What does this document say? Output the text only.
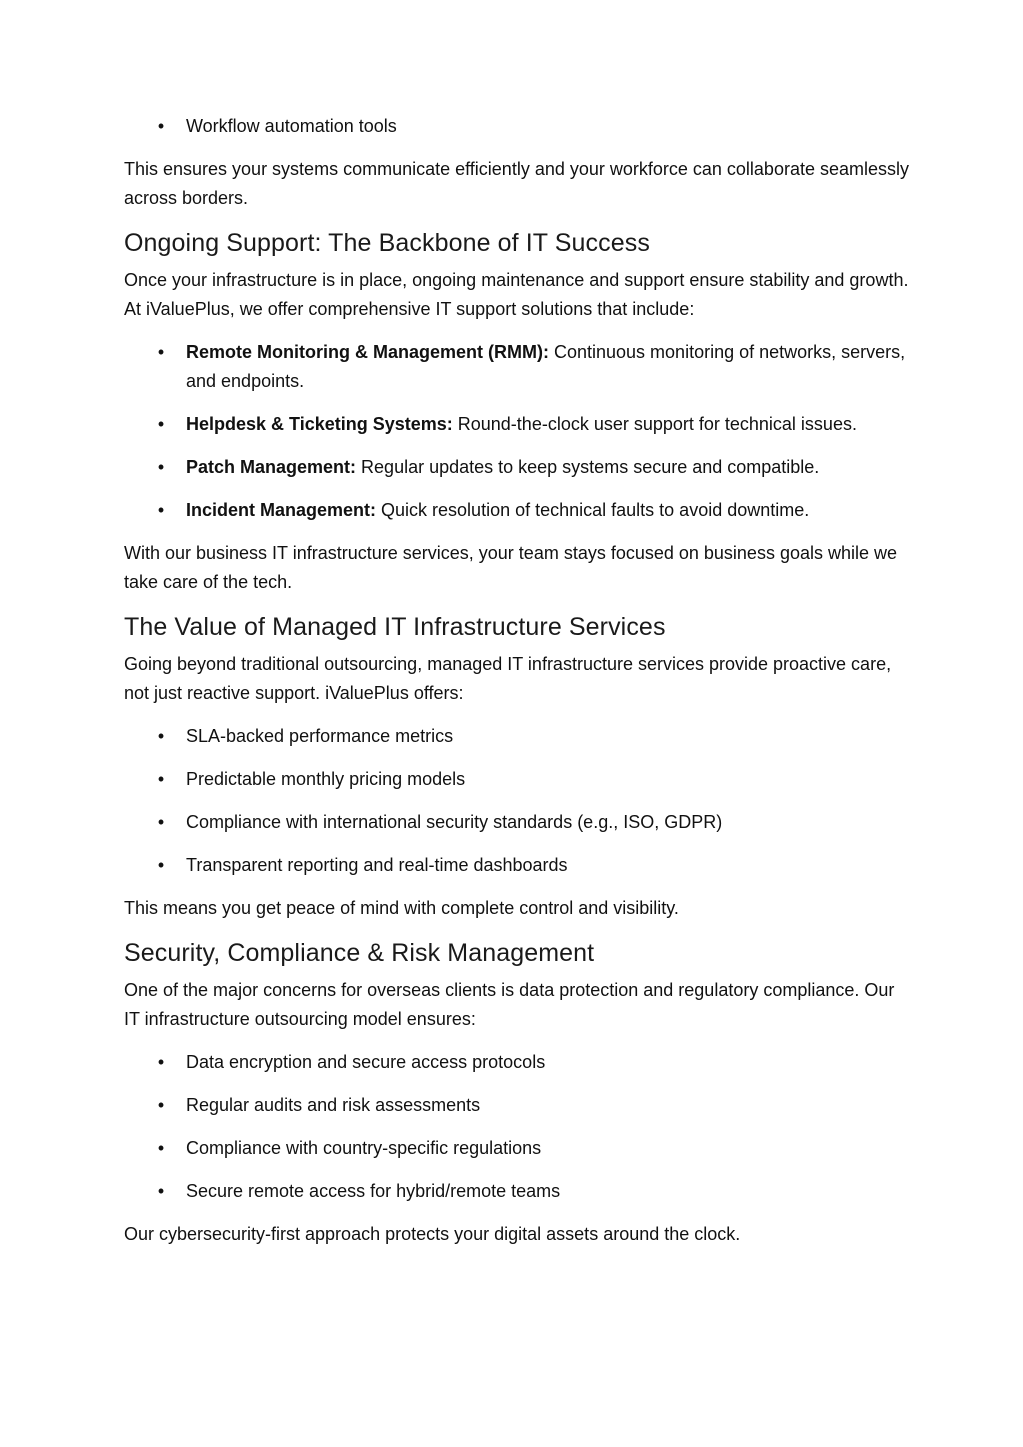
• Workflow automation tools

This ensures your systems communicate efficiently and your workforce can collaborate seamlessly across borders.

Ongoing Support: The Backbone of IT Success

Once your infrastructure is in place, ongoing maintenance and support ensure stability and growth. At iValuePlus, we offer comprehensive IT support solutions that include:

• Remote Monitoring & Management (RMM): Continuous monitoring of networks, servers, and endpoints.
• Helpdesk & Ticketing Systems: Round-the-clock user support for technical issues.
• Patch Management: Regular updates to keep systems secure and compatible.
• Incident Management: Quick resolution of technical faults to avoid downtime.

With our business IT infrastructure services, your team stays focused on business goals while we take care of the tech.

The Value of Managed IT Infrastructure Services

Going beyond traditional outsourcing, managed IT infrastructure services provide proactive care, not just reactive support. iValuePlus offers:

• SLA-backed performance metrics
• Predictable monthly pricing models
• Compliance with international security standards (e.g., ISO, GDPR)
• Transparent reporting and real-time dashboards

This means you get peace of mind with complete control and visibility.

Security, Compliance & Risk Management

One of the major concerns for overseas clients is data protection and regulatory compliance. Our IT infrastructure outsourcing model ensures:

• Data encryption and secure access protocols
• Regular audits and risk assessments
• Compliance with country-specific regulations
• Secure remote access for hybrid/remote teams

Our cybersecurity-first approach protects your digital assets around the clock.
